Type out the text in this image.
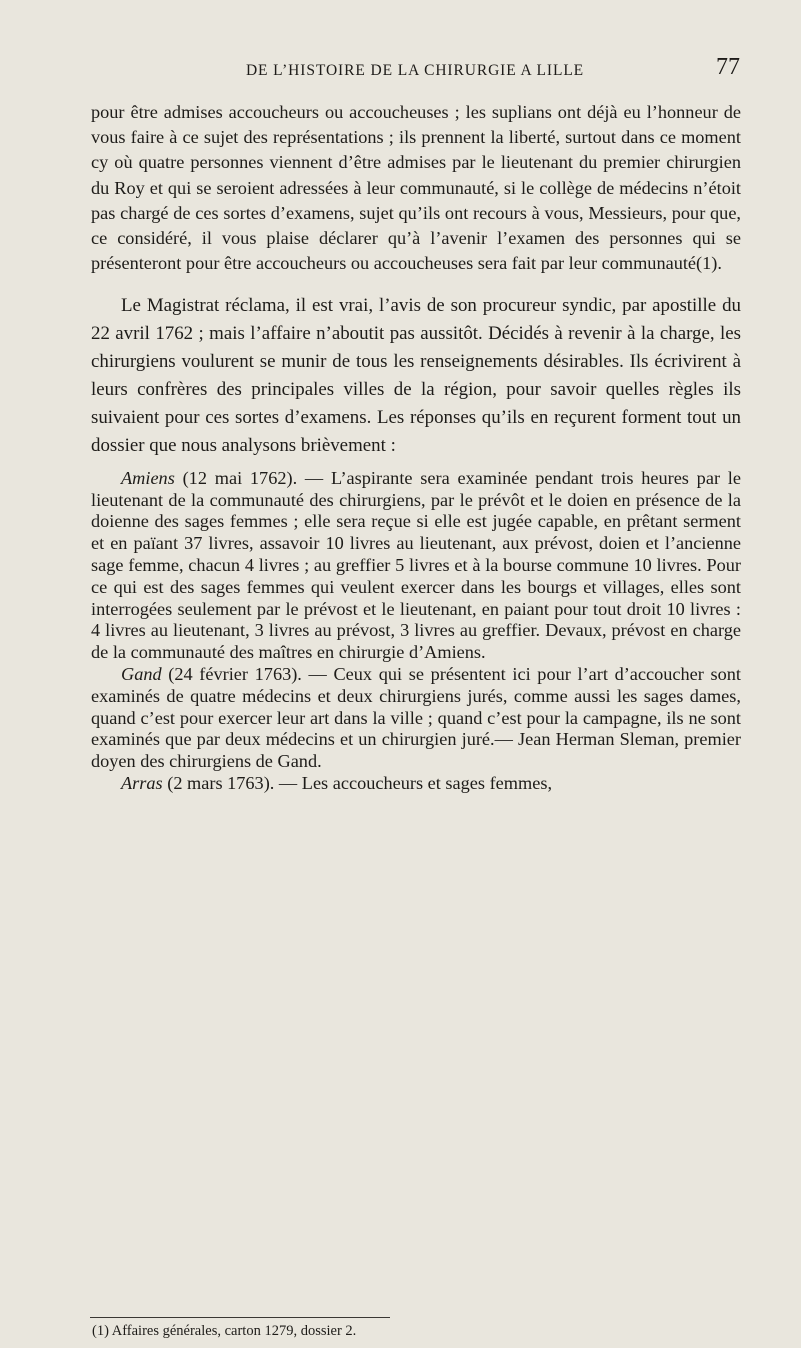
DE L’HISTOIRE DE LA CHIRURGIE A LILLE	77

pour être admises accoucheurs ou accoucheuses ; les suplians ont déjà eu l’honneur de vous faire à ce sujet des représentations ; ils prennent la liberté, surtout dans ce moment cy où quatre personnes viennent d’être admises par le lieutenant du premier chirurgien du Roy et qui se seroient adressées à leur communauté, si le collège de médecins n’étoit pas chargé de ces sortes d’examens, sujet qu’ils ont recours à vous, Messieurs, pour que, ce considéré, il vous plaise déclarer qu’à l’avenir l’examen des personnes qui se présenteront pour être accoucheurs ou accoucheuses sera fait par leur communauté(1).

Le Magistrat réclama, il est vrai, l’avis de son procureur syndic, par apostille du 22 avril 1762 ; mais l’affaire n’aboutit pas aussitôt. Décidés à revenir à la charge, les chirurgiens voulurent se munir de tous les renseignements désirables. Ils écrivirent à leurs confrères des principales villes de la région, pour savoir quelles règles ils suivaient pour ces sortes d’examens. Les réponses qu’ils en reçurent forment tout un dossier que nous analysons brièvement :

Amiens (12 mai 1762). — L’aspirante sera examinée pendant trois heures par le lieutenant de la communauté des chirurgiens, par le prévôt et le doien en présence de la doienne des sages femmes ; elle sera reçue si elle est jugée capable, en prêtant serment et en païant 37 livres, assavoir 10 livres au lieutenant, aux prévost, doien et l’ancienne sage femme, chacun 4 livres ; au greffier 5 livres et à la bourse commune 10 livres. Pour ce qui est des sages femmes qui veulent exercer dans les bourgs et villages, elles sont interrogées seulement par le prévost et le lieutenant, en paiant pour tout droit 10 livres : 4 livres au lieutenant, 3 livres au prévost, 3 livres au greffier. Devaux, prévost en charge de la communauté des maîtres en chirurgie d’Amiens.

Gand (24 février 1763). — Ceux qui se présentent ici pour l’art d’accoucher sont examinés de quatre médecins et deux chirurgiens jurés, comme aussi les sages dames, quand c’est pour exercer leur art dans la ville ; quand c’est pour la campagne, ils ne sont examinés que par deux médecins et un chirurgien juré.— Jean Herman Sleman, premier doyen des chirurgiens de Gand.

Arras (2 mars 1763). — Les accoucheurs et sages femmes,

(1) Affaires générales, carton 1279, dossier 2.
